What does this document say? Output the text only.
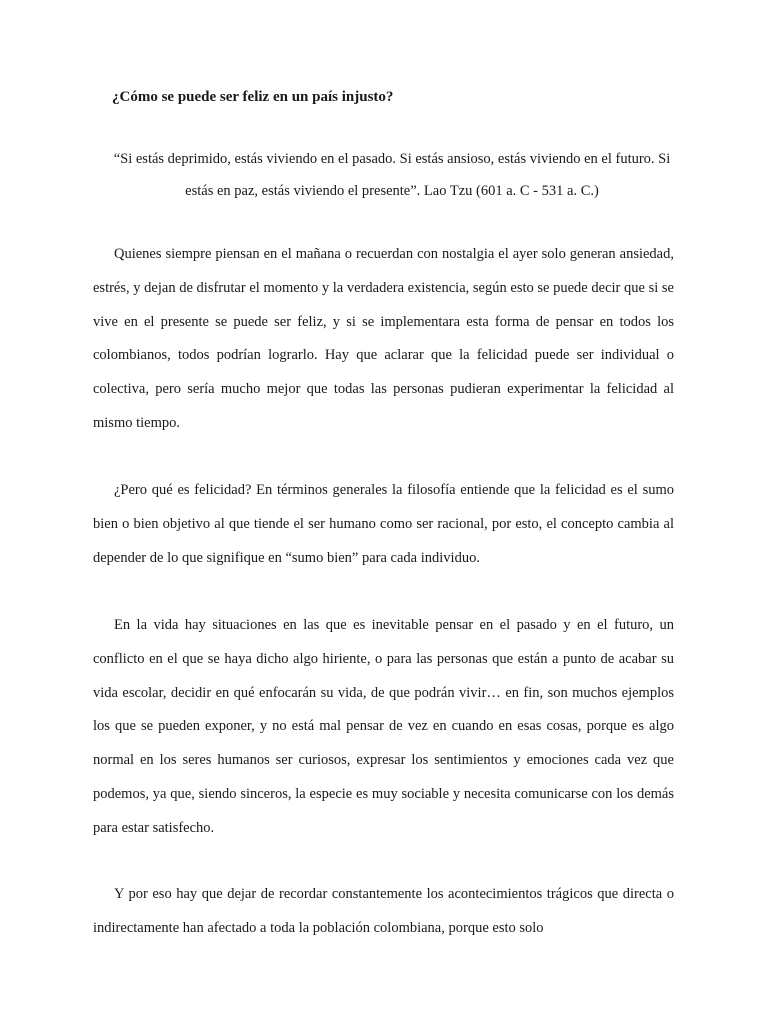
¿Cómo se puede ser feliz en un país injusto?

“Si estás deprimido, estás viviendo en el pasado. Si estás ansioso, estás viviendo en el futuro. Si estás en paz, estás viviendo el presente”. Lao Tzu (601 a. C - 531 a. C.)

Quienes siempre piensan en el mañana o recuerdan con nostalgia el ayer solo generan ansiedad, estrés, y dejan de disfrutar el momento y la verdadera existencia, según esto se puede decir que si se vive en el presente se puede ser feliz, y si se implementara esta forma de pensar en todos los colombianos, todos podrían lograrlo. Hay que aclarar que la felicidad puede ser individual o colectiva, pero sería mucho mejor que todas las personas pudieran experimentar la felicidad al mismo tiempo.

¿Pero qué es felicidad? En términos generales la filosofía entiende que la felicidad es el sumo bien o bien objetivo al que tiende el ser humano como ser racional, por esto, el concepto cambia al depender de lo que signifique en “sumo bien” para cada individuo.

En la vida hay situaciones en las que es inevitable pensar en el pasado y en el futuro, un conflicto en el que se haya dicho algo hiriente, o para las personas que están a punto de acabar su vida escolar, decidir en qué enfocarán su vida, de que podrán vivir… en fin, son muchos ejemplos los que se pueden exponer, y no está mal pensar de vez en cuando en esas cosas, porque es algo normal en los seres humanos ser curiosos, expresar los sentimientos y emociones cada vez que podemos, ya que, siendo sinceros, la especie es muy sociable y necesita comunicarse con los demás para estar satisfecho.

Y por eso hay que dejar de recordar constantemente los acontecimientos trágicos que directa o indirectamente han afectado a toda la población colombiana, porque esto solo
